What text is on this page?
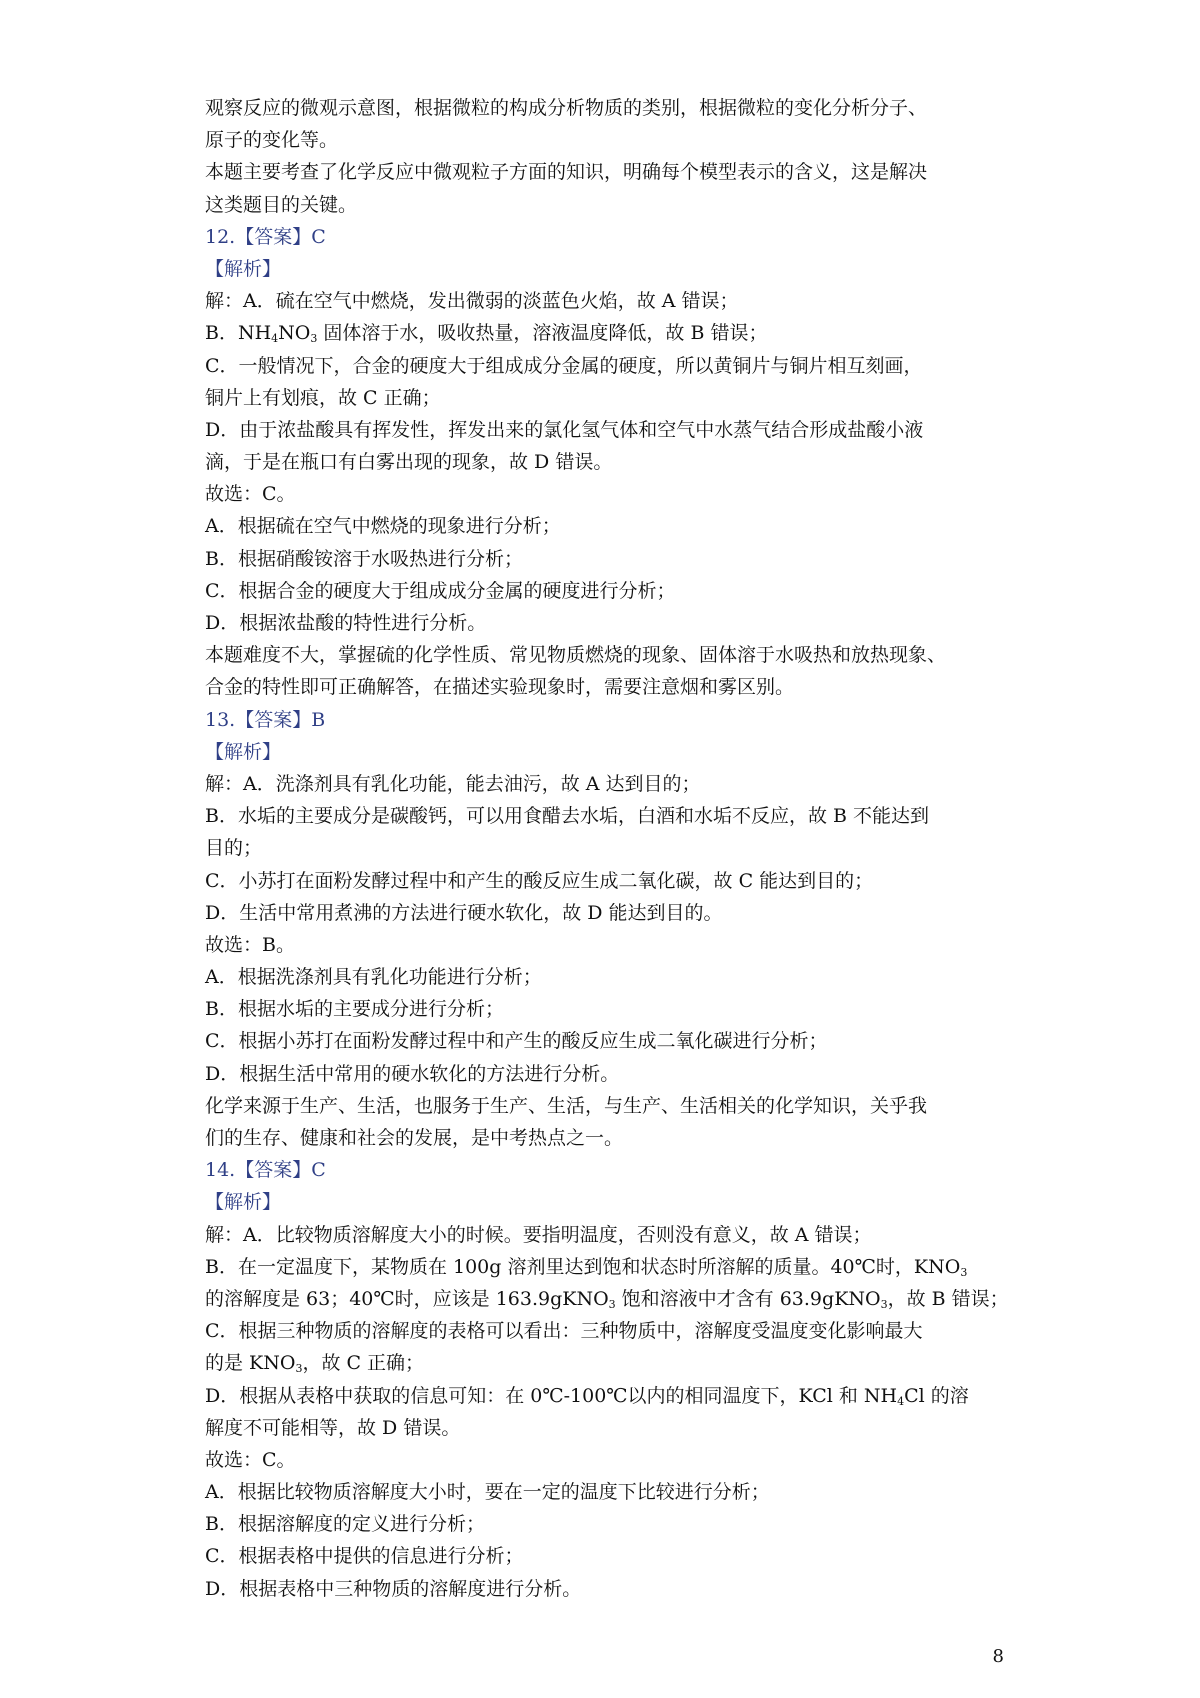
观察反应的微观示意图，根据微粒的构成分析物质的类别，根据微粒的变化分析分子、
原子的变化等。
本题主要考查了化学反应中微观粒子方面的知识，明确每个模型表示的含义，这是解决
这类题目的关键。
12.【答案】C
【解析】
解：A．硫在空气中燃烧，发出微弱的淡蓝色火焰，故 A 错误；
B．$NH_4NO_3$ 固体溶于水，吸收热量，溶液温度降低，故 B 错误；
C．一般情况下，合金的硬度大于组成成分金属的硬度，所以黄铜片与铜片相互刻画，
铜片上有划痕，故 C 正确；
D．由于浓盐酸具有挥发性，挥发出来的氯化氢气体和空气中水蒸气结合形成盐酸小液
滴，于是在瓶口有白雾出现的现象，故 D 错误。
故选：C。
A．根据硫在空气中燃烧的现象进行分析；
B．根据硝酸铵溶于水吸热进行分析；
C．根据合金的硬度大于组成成分金属的硬度进行分析；
D．根据浓盐酸的特性进行分析。
本题难度不大，掌握硫的化学性质、常见物质燃烧的现象、固体溶于水吸热和放热现象、
合金的特性即可正确解答，在描述实验现象时，需要注意烟和雾区别。
13.【答案】B
【解析】
解：A．洗涤剂具有乳化功能，能去油污，故 A 达到目的；
B．水垢的主要成分是碳酸钙，可以用食醋去水垢，白酒和水垢不反应，故 B 不能达到
目的；
C．小苏打在面粉发酵过程中和产生的酸反应生成二氧化碳，故 C 能达到目的；
D．生活中常用煮沸的方法进行硬水软化，故 D 能达到目的。
故选：B。
A．根据洗涤剂具有乳化功能进行分析；
B．根据水垢的主要成分进行分析；
C．根据小苏打在面粉发酵过程中和产生的酸反应生成二氧化碳进行分析；
D．根据生活中常用的硬水软化的方法进行分析。
化学来源于生产、生活，也服务于生产、生活，与生产、生活相关的化学知识，关乎我
们的生存、健康和社会的发展，是中考热点之一。
14.【答案】C
【解析】
解：A．比较物质溶解度大小的时候。要指明温度，否则没有意义，故 A 错误；
B．在一定温度下，某物质在 100g 溶剂里达到饱和状态时所溶解的质量。40℃时，$KNO_3$
的溶解度是 63；40℃时，应该是 163.9gKNO$_3$ 饱和溶液中才含有 63.9gKNO$_3$，故 B 错误；
C．根据三种物质的溶解度的表格可以看出：三种物质中，溶解度受温度变化影响最大
的是 $KNO_3$，故 C 正确；
D．根据从表格中获取的信息可知：在 0℃-100℃以内的相同温度下，KCl 和 $NH_4Cl$ 的溶
解度不可能相等，故 D 错误。
故选：C。
A．根据比较物质溶解度大小时，要在一定的温度下比较进行分析；
B．根据溶解度的定义进行分析；
C．根据表格中提供的信息进行分析；
D．根据表格中三种物质的溶解度进行分析。
8
